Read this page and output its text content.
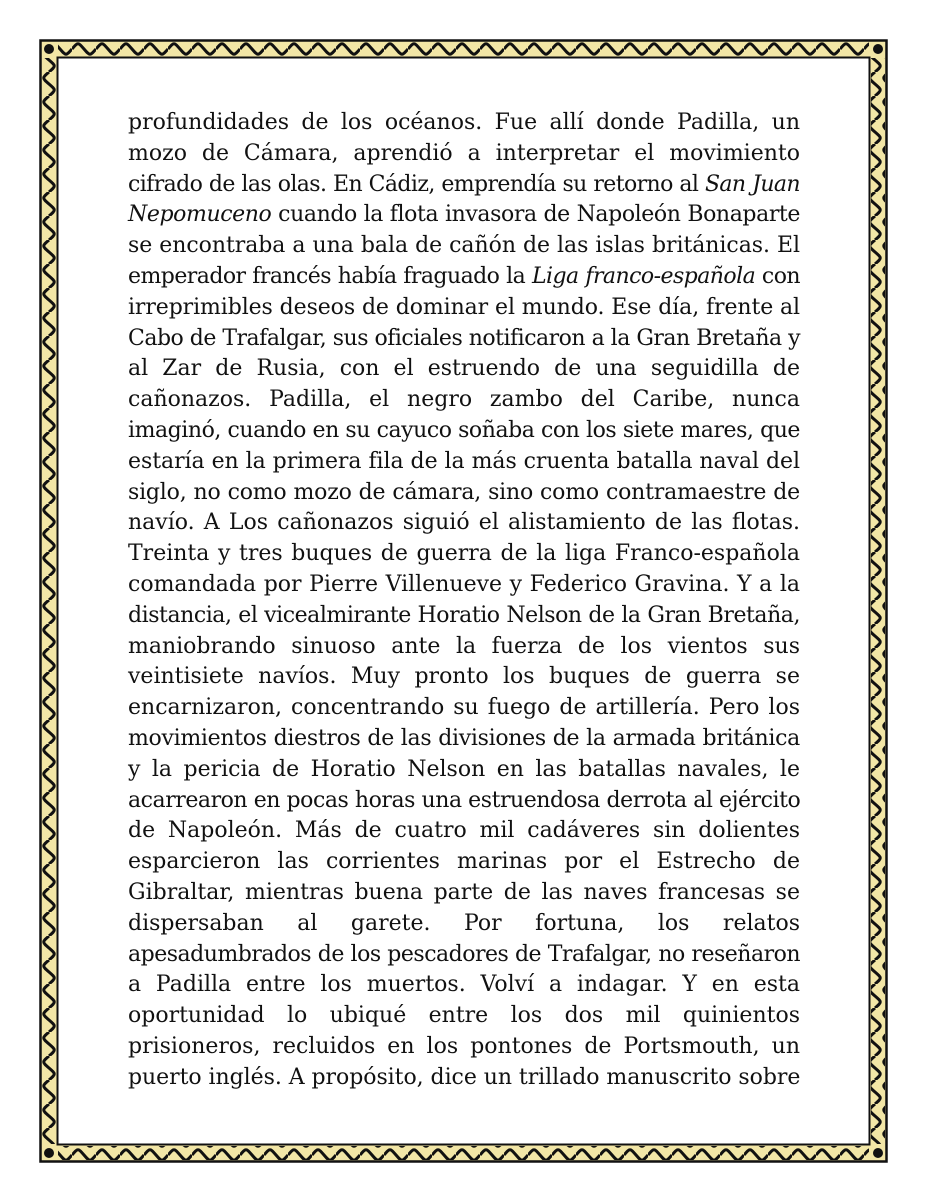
profundidades de los océanos. Fue allí donde Padilla, un
mozo de Cámara, aprendió a interpretar el movimiento
cifrado de las olas. En Cádiz, emprendía su retorno al San Juan
Nepomuceno cuando la flota invasora de Napoleón Bonaparte
se encontraba a una bala de cañón de las islas británicas. El
emperador francés había fraguado la Liga franco-española con
irreprimibles deseos de dominar el mundo. Ese día, frente al
Cabo de Trafalgar, sus oficiales notificaron a la Gran Bretaña y
al Zar de Rusia, con el estruendo de una seguidilla de
cañonazos. Padilla, el negro zambo del Caribe, nunca
imaginó, cuando en su cayuco soñaba con los siete mares, que
estaría en la primera fila de la más cruenta batalla naval del
siglo, no como mozo de cámara, sino como contramaestre de
navío. A Los cañonazos siguió el alistamiento de las flotas.
Treinta y tres buques de guerra de la liga Franco-española
comandada por Pierre Villenueve y Federico Gravina. Y a la
distancia, el vicealmirante Horatio Nelson de la Gran Bretaña,
maniobrando sinuoso ante la fuerza de los vientos sus
veintisiete navíos. Muy pronto los buques de guerra se
encarnizaron, concentrando su fuego de artillería. Pero los
movimientos diestros de las divisiones de la armada británica
y la pericia de Horatio Nelson en las batallas navales, le
acarrearon en pocas horas una estruendosa derrota al ejército
de Napoleón. Más de cuatro mil cadáveres sin dolientes
esparcieron las corrientes marinas por el Estrecho de
Gibraltar, mientras buena parte de las naves francesas se
dispersaban al garete. Por fortuna, los relatos
apesadumbrados de los pescadores de Trafalgar, no reseñaron
a Padilla entre los muertos. Volví a indagar. Y en esta
oportunidad lo ubiqué entre los dos mil quinientos
prisioneros, recluidos en los pontones de Portsmouth, un
puerto inglés. A propósito, dice un trillado manuscrito sobre
